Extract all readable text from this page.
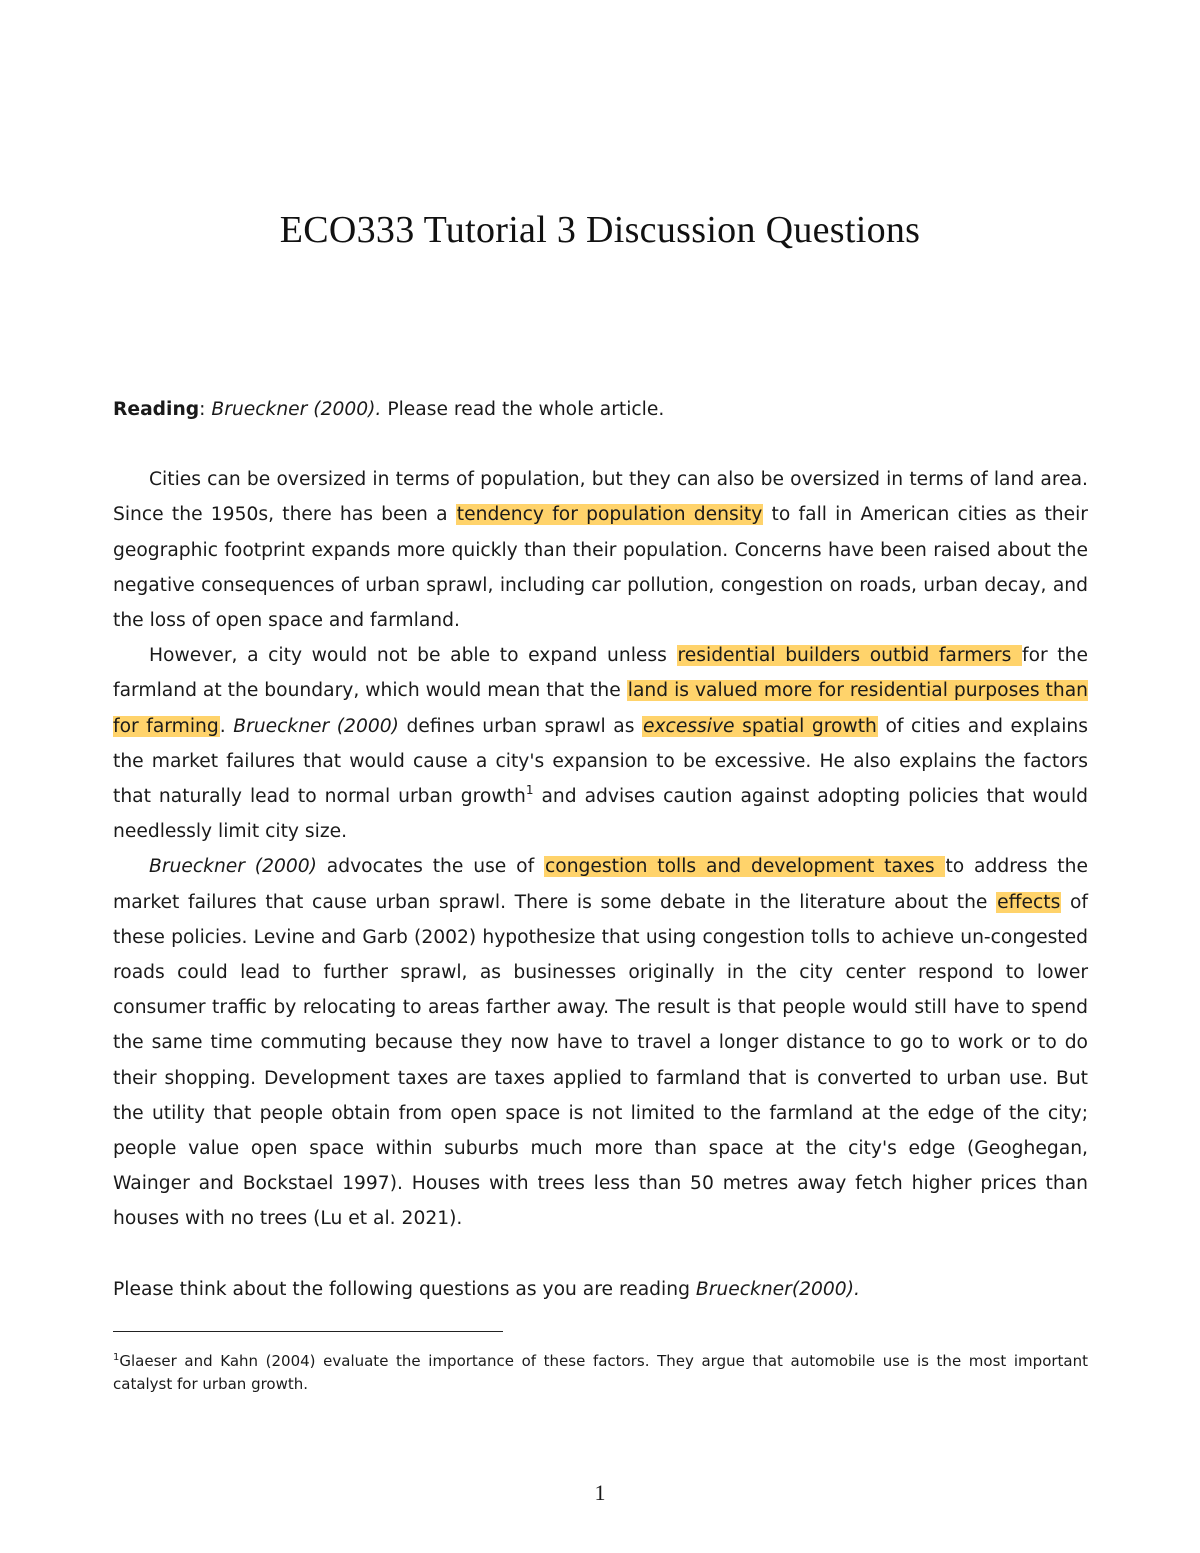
ECO333 Tutorial 3 Discussion Questions

Reading: Brueckner (2000). Please read the whole article.

Cities can be oversized in terms of population, but they can also be oversized in terms of land area. Since the 1950s, there has been a tendency for population density to fall in American cities as their geographic footprint expands more quickly than their population. Concerns have been raised about the negative consequences of urban sprawl, including car pollution, congestion on roads, urban decay, and the loss of open space and farmland.

However, a city would not be able to expand unless residential builders outbid farmers for the farmland at the boundary, which would mean that the land is valued more for residential purposes than for farming. Brueckner (2000) defines urban sprawl as excessive spatial growth of cities and explains the market failures that would cause a city's expansion to be excessive. He also explains the factors that naturally lead to normal urban growth$^1$ and advises caution against adopting policies that would needlessly limit city size.

Brueckner (2000) advocates the use of congestion tolls and development taxes to address the market failures that cause urban sprawl. There is some debate in the literature about the effects of these policies. Levine and Garb (2002) hypothesize that using congestion tolls to achieve un-congested roads could lead to further sprawl, as businesses originally in the city center respond to lower consumer traffic by relocating to areas farther away. The result is that people would still have to spend the same time commuting because they now have to travel a longer distance to go to work or to do their shopping. Development taxes are taxes applied to farmland that is converted to urban use. But the utility that people obtain from open space is not limited to the farmland at the edge of the city; people value open space within suburbs much more than space at the city's edge (Geoghegan, Wainger and Bockstael 1997). Houses with trees less than 50 metres away fetch higher prices than houses with no trees (Lu et al. 2021).

Please think about the following questions as you are reading Brueckner(2000).

$^1$Glaeser and Kahn (2004) evaluate the importance of these factors. They argue that automobile use is the most important catalyst for urban growth.
1
